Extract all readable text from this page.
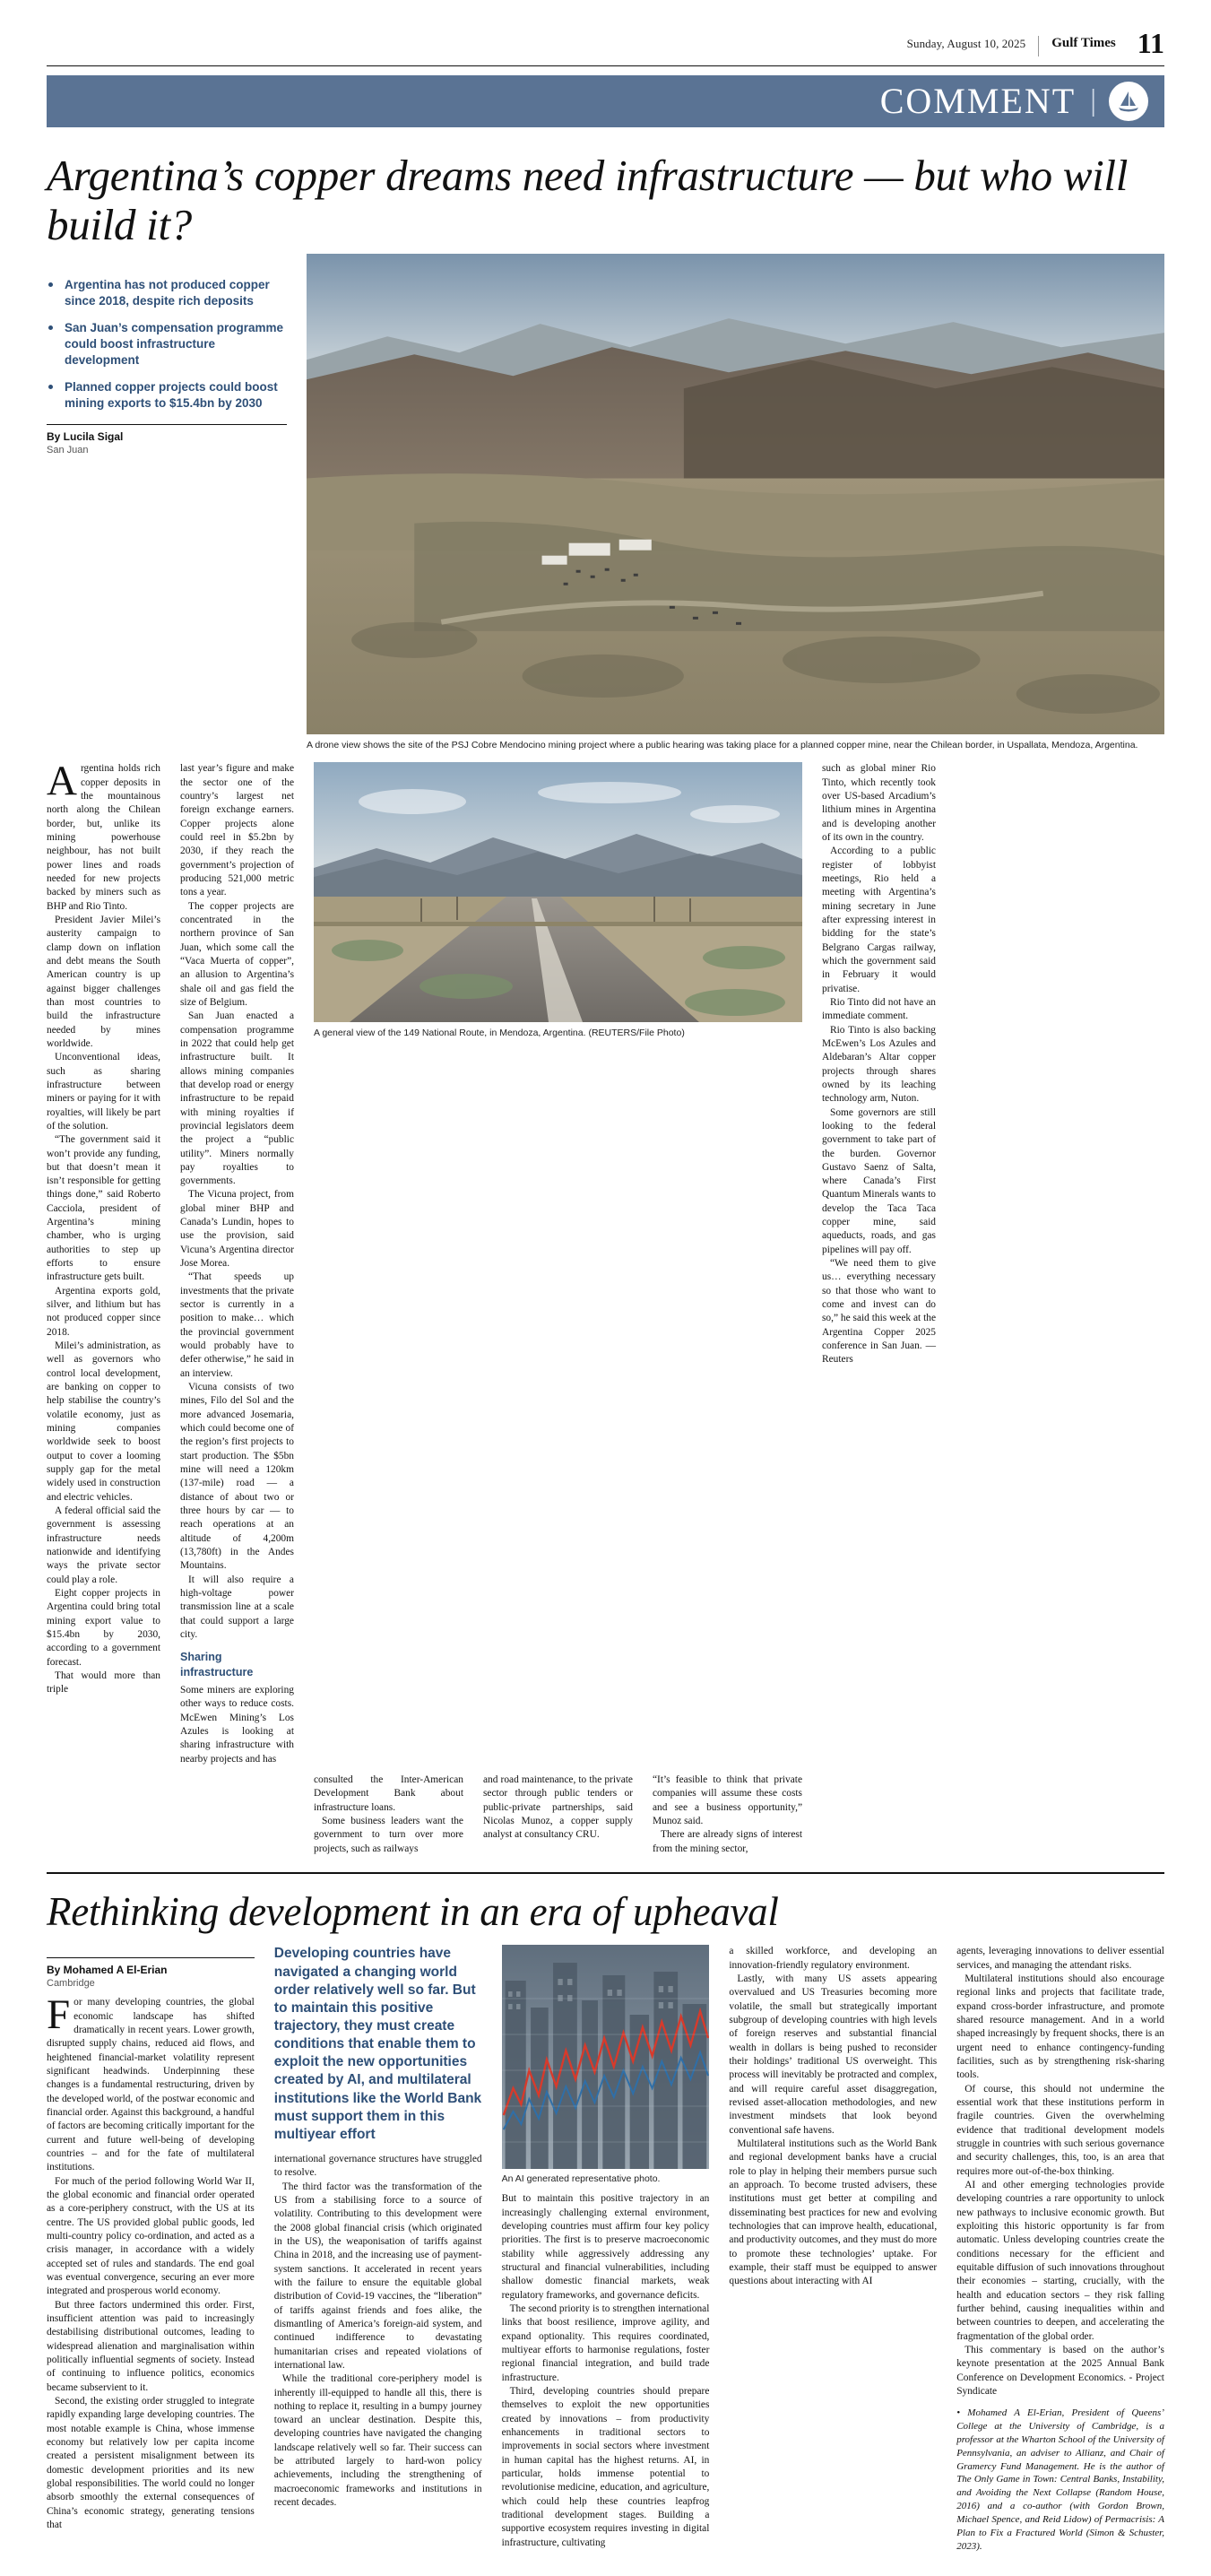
Sunday, August 10, 2025	Gulf Times 11
COMMENT |
Argentina’s copper dreams need infrastructure — but who will build it?
Argentina has not produced copper since 2018, despite rich deposits
San Juan’s compensation programme could boost infrastructure development
Planned copper projects could boost mining exports to $15.4bn by 2030
By Lucila Sigal
San Juan
A drone view shows the site of the PSJ Cobre Mendocino mining project where a public hearing was taking place for a planned copper mine, near the Chilean border, in Uspallata, Mendoza, Argentina.

Argentina holds rich copper deposits in the mountainous north along the Chilean border, but, unlike its mining powerhouse neighbour, has not built power lines and roads needed for new projects backed by miners such as BHP and Rio Tinto.

President Javier Milei’s austerity campaign to clamp down on inflation and debt means the South American country is up against bigger challenges than most countries to build the infrastructure needed by mines worldwide.

Unconventional ideas, such as sharing infrastructure between miners or paying for it with royalties, will likely be part of the solution.

“The government said it won’t provide any funding, but that doesn’t mean it isn’t responsible for getting things done,” said Roberto Cacciola, president of Argentina’s mining chamber, who is urging authorities to step up efforts to ensure infrastructure gets built.

Argentina exports gold, silver, and lithium but has not produced copper since 2018.

Milei’s administration, as well as governors who control local development, are banking on copper to help stabilise the country’s volatile economy, just as mining companies worldwide seek to boost output to cover a looming supply gap for the metal widely used in construction and electric vehicles.

A federal official said the government is assessing infrastructure needs nationwide and identifying ways the private sector could play a role.

Eight copper projects in Argentina could bring total mining export value to $15.4bn by 2030, according to a government forecast.

That would more than triple

last year’s figure and make the sector one of the country’s largest net foreign exchange earners. Copper projects alone could reel in $5.2bn by 2030, if they reach the government’s projection of producing 521,000 metric tons a year.

The copper projects are concentrated in the northern province of San Juan, which some call the “Vaca Muerta of copper”, an allusion to Argentina’s shale oil and gas field the size of Belgium.

San Juan enacted a compensation programme in 2022 that could help get infrastructure built. It allows mining companies that develop road or energy infrastructure to be repaid with mining royalties if provincial legislators deem the project a “public utility”. Miners normally pay royalties to governments.

The Vicuna project, from global miner BHP and Canada’s Lundin, hopes to use the provision, said Vicuna’s Argentina director Jose Morea.

“That speeds up investments that the private sector is currently in a position to make… which the provincial government would probably have to defer otherwise,” he said in an interview.

Vicuna consists of two mines, Filo del Sol and the more advanced Josemaria, which could become one of the region’s first projects to start production. The $5bn mine will need a 120km (137-mile) road — a distance of about two or three hours by car — to reach operations at an altitude of 4,200m (13,780ft) in the Andes Mountains.

It will also require a high-voltage power transmission line at a scale that could support a large city.

Sharing infrastructure

Some miners are exploring other ways to reduce costs. McEwen Mining’s Los Azules is looking at sharing infrastructure with nearby projects and has

A general view of the 149 National Route, in Mendoza, Argentina. (REUTERS/File Photo)

such as global miner Rio Tinto, which recently took over US-based Arcadium’s lithium mines in Argentina and is developing another of its own in the country.

According to a public register of lobbyist meetings, Rio held a meeting with Argentina’s mining secretary in June after expressing interest in bidding for the state’s Belgrano Cargas railway, which the government said in February it would privatise.

Rio Tinto did not have an immediate comment.

Rio Tinto is also backing McEwen’s Los Azules and Aldebaran’s Altar copper projects through shares owned by its leaching technology arm, Nuton.

Some governors are still looking to the federal government to take part of the burden. Governor Gustavo Saenz of Salta, where Canada’s First Quantum Minerals wants to develop the Taca Taca copper mine, said aqueducts, roads, and gas pipelines will pay off.

“We need them to give us… everything necessary so that those who want to come and invest can do so,” he said this week at the Argentina Copper 2025 conference in San Juan. — Reuters

consulted the Inter-American Development Bank about infrastructure loans.

Some business leaders want the government to turn over more projects, such as railways

and road maintenance, to the private sector through public tenders or public-private partnerships, said Nicolas Munoz, a copper supply analyst at consultancy CRU.

“It’s feasible to think that private companies will assume these costs and see a business opportunity,” Munoz said.

There are already signs of interest from the mining sector,

Rethinking development in an era of upheaval
By Mohamed A El-Erian
Cambridge

For many developing countries, the global economic landscape has shifted dramatically in recent years. Lower growth, disrupted supply chains, reduced aid flows, and heightened financial-market volatility represent significant headwinds. Underpinning these changes is a fundamental restructuring, driven by the developed world, of the postwar economic and financial order. Against this background, a handful of factors are becoming critically important for the current and future well-being of developing countries – and for the fate of multilateral institutions.

For much of the period following World War II, the global economic and financial order operated as a core-periphery construct, with the US at its centre. The US provided global public goods, led multi-country policy co-ordination, and acted as a crisis manager, in accordance with a widely accepted set of rules and standards. The end goal was eventual convergence, securing an ever more integrated and prosperous world economy.

But three factors undermined this order. First, insufficient attention was paid to increasingly destabilising distributional outcomes, leading to widespread alienation and marginalisation within politically influential segments of society. Instead of continuing to influence politics, economics became subservient to it.

Second, the existing order struggled to integrate rapidly expanding large developing countries. The most notable example is China, whose immense economy but relatively low per capita income created a persistent misalignment between its domestic development priorities and its new global responsibilities. The world could no longer absorb smoothly the external consequences of China’s economic strategy, generating tensions that

Developing countries have navigated a changing world order relatively well so far. But to maintain this positive trajectory, they must create conditions that enable them to exploit the new opportunities created by AI, and multilateral institutions like the World Bank must support them in this multiyear effort

international governance structures have struggled to resolve.

The third factor was the transformation of the US from a stabilising force to a source of volatility. Contributing to this development were the 2008 global financial crisis (which originated in the US), the weaponisation of tariffs against China in 2018, and the increasing use of payment-system sanctions. It accelerated in recent years with the failure to ensure the equitable global distribution of Covid-19 vaccines, the “liberation” of tariffs against friends and foes alike, the dismantling of America’s foreign-aid system, and continued indifference to devastating humanitarian crises and repeated violations of international law.

While the traditional core-periphery model is inherently ill-equipped to handle all this, there is nothing to replace it, resulting in a bumpy journey toward an unclear destination. Despite this, developing countries have navigated the changing landscape relatively well so far. Their success can be attributed largely to hard-won policy achievements, including the strengthening of macroeconomic frameworks and institutions in recent decades.

An AI generated representative photo.

But to maintain this positive trajectory in an increasingly challenging external environment, developing countries must affirm four key policy priorities. The first is to preserve macroeconomic stability while aggressively addressing any structural and financial vulnerabilities, including shallow domestic financial markets, weak regulatory frameworks, and governance deficits.

The second priority is to strengthen international links that boost resilience, improve agility, and expand optionality. This requires coordinated, multiyear efforts to harmonise regulations, foster regional financial integration, and build trade infrastructure.

Third, developing countries should prepare themselves to exploit the new opportunities created by innovations – from productivity enhancements in traditional sectors to improvements in social sectors where investment in human capital has the highest returns. AI, in particular, holds immense potential to revolutionise medicine, education, and agriculture, which could help these countries leapfrog traditional development stages. Building a supportive ecosystem requires investing in digital infrastructure, cultivating

a skilled workforce, and developing an innovation-friendly regulatory environment.

Lastly, with many US assets appearing overvalued and US Treasuries becoming more volatile, the small but strategically important subgroup of developing countries with high levels of foreign reserves and substantial financial wealth in dollars is being pushed to reconsider their holdings’ traditional US overweight. This process will inevitably be protracted and complex, and will require careful asset disaggregation, revised asset-allocation methodologies, and new investment mindsets that look beyond conventional safe havens.

Multilateral institutions such as the World Bank and regional development banks have a crucial role to play in helping their members pursue such an approach. To become trusted advisers, these institutions must get better at compiling and disseminating best practices for new and evolving technologies that can improve health, educational, and productivity outcomes, and they must do more to promote these technologies’ uptake. For example, their staff must be equipped to answer questions about interacting with AI

agents, leveraging innovations to deliver essential services, and managing the attendant risks.

Multilateral institutions should also encourage regional links and projects that facilitate trade, expand cross-border infrastructure, and promote shared resource management. And in a world shaped increasingly by frequent shocks, there is an urgent need to enhance contingency-funding facilities, such as by strengthening risk-sharing tools.

Of course, this should not undermine the essential work that these institutions perform in fragile countries. Given the overwhelming evidence that traditional development models struggle in countries with such serious governance and security challenges, this, too, is an area that requires more out-of-the-box thinking.

AI and other emerging technologies provide developing countries a rare opportunity to unlock new pathways to inclusive economic growth. But exploiting this historic opportunity is far from automatic. Unless developing countries create the conditions necessary for the efficient and equitable diffusion of such innovations throughout their economies – starting, crucially, with the health and education sectors – they risk falling further behind, causing inequalities within and between countries to deepen, and accelerating the fragmentation of the global order.

This commentary is based on the author’s keynote presentation at the 2025 Annual Bank Conference on Development Economics. - Project Syndicate

• Mohamed A El-Erian, President of Queens’ College at the University of Cambridge, is a professor at the Wharton School of the University of Pennsylvania, an adviser to Allianz, and Chair of Gramercy Fund Management. He is the author of The Only Game in Town: Central Banks, Instability, and Avoiding the Next Collapse (Random House, 2016) and a co-author (with Gordon Brown, Michael Spence, and Reid Lidow) of Permacrisis: A Plan to Fix a Fractured World (Simon & Schuster, 2023).
